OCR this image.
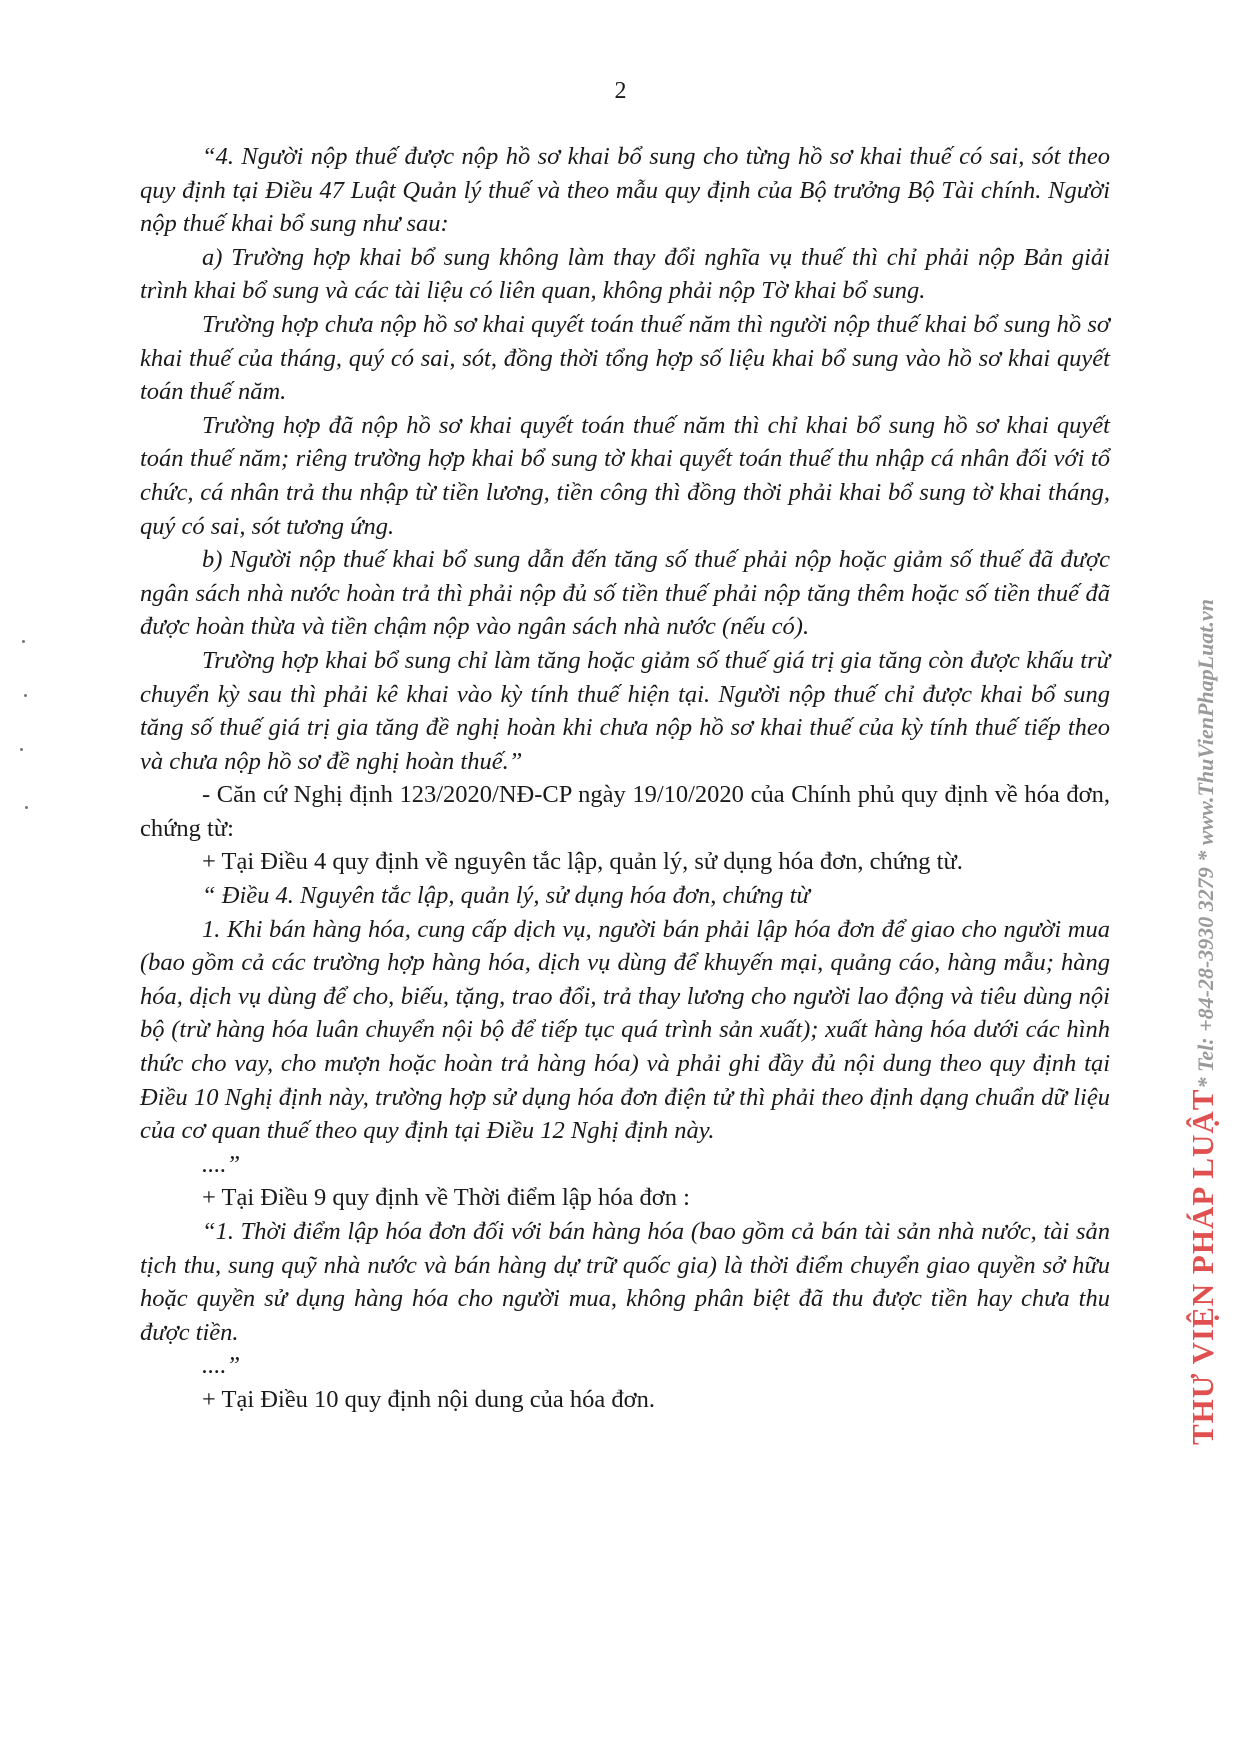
2

“4. Người nộp thuế được nộp hồ sơ khai bổ sung cho từng hồ sơ khai thuế có sai, sót theo quy định tại Điều 47 Luật Quản lý thuế và theo mẫu quy định của Bộ trưởng Bộ Tài chính. Người nộp thuế khai bổ sung như sau:

a) Trường hợp khai bổ sung không làm thay đổi nghĩa vụ thuế thì chỉ phải nộp Bản giải trình khai bổ sung và các tài liệu có liên quan, không phải nộp Tờ khai bổ sung.

Trường hợp chưa nộp hồ sơ khai quyết toán thuế năm thì người nộp thuế khai bổ sung hồ sơ khai thuế của tháng, quý có sai, sót, đồng thời tổng hợp số liệu khai bổ sung vào hồ sơ khai quyết toán thuế năm.

Trường hợp đã nộp hồ sơ khai quyết toán thuế năm thì chỉ khai bổ sung hồ sơ khai quyết toán thuế năm; riêng trường hợp khai bổ sung tờ khai quyết toán thuế thu nhập cá nhân đối với tổ chức, cá nhân trả thu nhập từ tiền lương, tiền công thì đồng thời phải khai bổ sung tờ khai tháng, quý có sai, sót tương ứng.

b) Người nộp thuế khai bổ sung dẫn đến tăng số thuế phải nộp hoặc giảm số thuế đã được ngân sách nhà nước hoàn trả thì phải nộp đủ số tiền thuế phải nộp tăng thêm hoặc số tiền thuế đã được hoàn thừa và tiền chậm nộp vào ngân sách nhà nước (nếu có).

Trường hợp khai bổ sung chỉ làm tăng hoặc giảm số thuế giá trị gia tăng còn được khấu trừ chuyển kỳ sau thì phải kê khai vào kỳ tính thuế hiện tại. Người nộp thuế chỉ được khai bổ sung tăng số thuế giá trị gia tăng đề nghị hoàn khi chưa nộp hồ sơ khai thuế của kỳ tính thuế tiếp theo và chưa nộp hồ sơ đề nghị hoàn thuế.”

- Căn cứ Nghị định 123/2020/NĐ-CP ngày 19/10/2020 của Chính phủ quy định về hóa đơn, chứng từ:

+ Tại Điều 4 quy định về nguyên tắc lập, quản lý, sử dụng hóa đơn, chứng từ.

“ Điều 4. Nguyên tắc lập, quản lý, sử dụng hóa đơn, chứng từ

1. Khi bán hàng hóa, cung cấp dịch vụ, người bán phải lập hóa đơn để giao cho người mua (bao gồm cả các trường hợp hàng hóa, dịch vụ dùng để khuyến mại, quảng cáo, hàng mẫu; hàng hóa, dịch vụ dùng để cho, biếu, tặng, trao đổi, trả thay lương cho người lao động và tiêu dùng nội bộ (trừ hàng hóa luân chuyển nội bộ để tiếp tục quá trình sản xuất); xuất hàng hóa dưới các hình thức cho vay, cho mượn hoặc hoàn trả hàng hóa) và phải ghi đầy đủ nội dung theo quy định tại Điều 10 Nghị định này, trường hợp sử dụng hóa đơn điện tử thì phải theo định dạng chuẩn dữ liệu của cơ quan thuế theo quy định tại Điều 12 Nghị định này.

....”

+ Tại Điều 9 quy định về Thời điểm lập hóa đơn :

“1. Thời điểm lập hóa đơn đối với bán hàng hóa (bao gồm cả bán tài sản nhà nước, tài sản tịch thu, sung quỹ nhà nước và bán hàng dự trữ quốc gia) là thời điểm chuyển giao quyền sở hữu hoặc quyền sử dụng hàng hóa cho người mua, không phân biệt đã thu được tiền hay chưa thu được tiền.

....”

+ Tại Điều 10 quy định nội dung của hóa đơn.	THƯ VIỆN PHÁP LUẬT* Tel: +84-28-3930 3279 * www.ThuVienPhapLuat.vn
